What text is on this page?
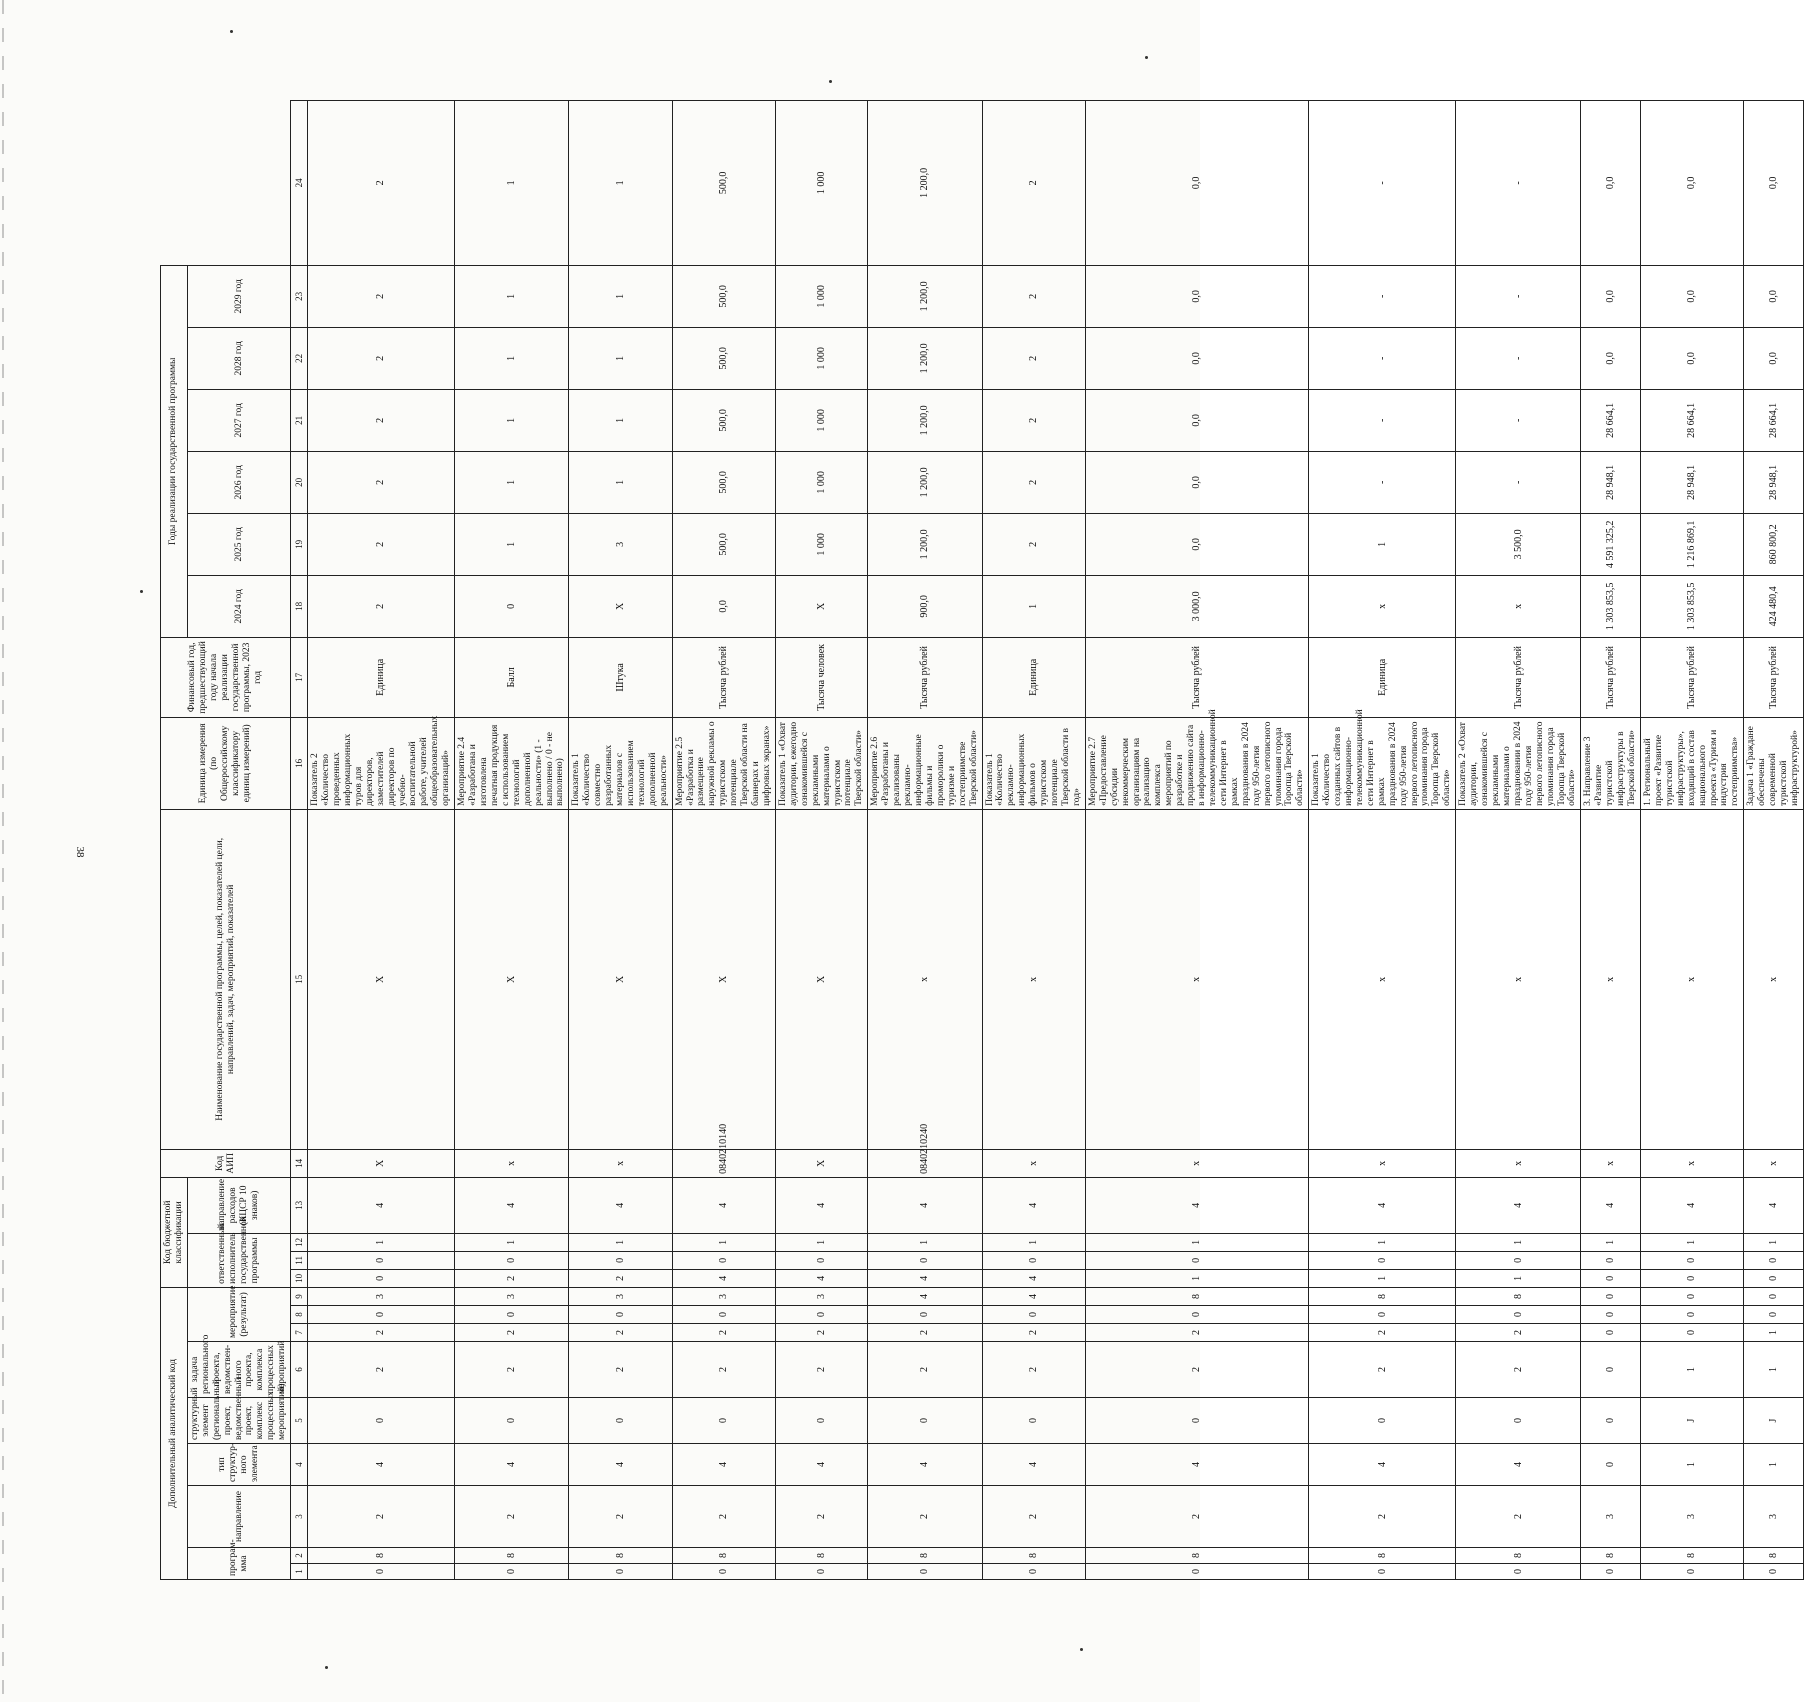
38
Дополнительный аналитический код									Код бюджетной классификации				Код АИП	Наименование государственной программы, целей, показателей цели, направлений, задач, мероприятий, показателей	Единица измерения (по Общероссийскому классификатору единиц измерений)	Финансовый год, предшествующий году начала реализации государственной программы, 2023 год	Годы реализации государственной программы						
програм-мма		направление	тип структур-ного элемента	структурный элемент (региональный проект, ведомственный проект, комплекс процессных мероприятий)	задача регионального проекта, ведомствен-ного проекта, комплекса процессных мероприятий	мероприятие (результат)			ответственный исполнитель государственной программы			направление расходов (КЦСР 10 знаков)					2024 год	2025 год	2026 год	2027 год	2028 год	2029 год	

1	2	3	4	5	6	7	8	9	10	11	12	13	14	15	16	17	18	19	20	21	22	23	24
0	8	2	4	0	2	2	0	3	0	0	1	4	X	X	Показатель 2 «Количество проведенных информационных туров для директоров, заместителей директоров по учебно-воспитательной работе, учителей общеобразовательных организаций»	Единица	2	2	2	2	2	2	2
0	8	2	4	0	2	2	0	3	2	0	1	4	x	X	Мероприятие 2.4 «Разработана и изготовлена печатная продукция с использованием технологий дополненной реальности» (1 - выполнено / 0 - не выполнено)	Балл	0	1	1	1	1	1	1
0	8	2	4	0	2	2	0	3	2	0	1	4	x	X	Показатель 1 «Количество совместно разработанных материалов с использованием технологий дополненной реальности»	Штука	X	3	1	1	1	1	1
0	8	2	4	0	2	2	0	3	4	0	1	4	0840210140	X	Мероприятие 2.5 «Разработка и размещение наружной рекламы о туристском потенциале Тверской области на баннерах и цифровых экранах»	Тысяча рублей	0,0	500,0	500,0	500,0	500,0	500,0	500,0
0	8	2	4	0	2	2	0	3	4	0	1	4	X	X	Показатель 1 «Охват аудитории, ежегодно ознакомившейся с рекламными материалами о туристском потенциале Тверской области»	Тысяча человек	X	1 000	1 000	1 000	1 000	1 000	1 000
0	8	2	4	0	2	2	0	4	4	0	1	4	0840210240	x	Мероприятие 2.6 «Разработаны и реализованы рекламно-информационные фильмы и проморолики о туризме и гостеприимстве Тверской области»	Тысяча рублей	900,0	1 200,0	1 200,0	1 200,0	1 200,0	1 200,0	1 200,0
0	8	2	4	0	2	2	0	4	4	0	1	4	x	x	Показатель 1 «Количество рекламно-информационных фильмов о туристском потенциале Тверской области в год»	Единица	1	2	2	2	2	2	2
0	8	2	4	0	2	2	0	8	1	0	1	4	x	x	Мероприятие 2.7 «Предоставление субсидии некоммерческим организациям на реализацию комплекса мероприятий по разработке и продвижению сайта в информационно-телекоммуникационной сети Интернет в рамках празднования в 2024 году 950-летия первого летописного упоминания города Торопца Тверской области»	Тысяча рублей	3 000,0	0,0	0,0	0,0	0,0	0,0	0,0
0	8	2	4	0	2	2	0	8	1	0	1	4	x	x	Показатель 1 «Количество созданных сайтов в информационно-телекоммуникационной сети Интернет в рамках празднования в 2024 году 950-летия первого летописного упоминания города Торопца Тверской области»	Единица	x	1	-	-	-	-	-
0	8	2	4	0	2	2	0	8	1	0	1	4	x	x	Показатель 2 «Охват аудитории, ознакомившейся с рекламными материалами о праздновании в 2024 году 950-летия первого летописного упоминания города Торопца Тверской области»	Тысяча рублей	x	3 500,0	-	-	-	-	-
0	8	3	0	0	0	0	0	0	0	0	1	4	x	x	3. Направление 3 «Развитие туристской инфраструктуры в Тверской области»	Тысяча рублей	1 303 853,5	4 591 325,2	28 948,1	28 664,1	0,0	0,0	0,0
0	8	3	1	J	1	0	0	0	0	0	1	4	x	x	1. Региональный проект «Развитие туристской инфраструктуры», входящий в состав национального проекта «Туризм и индустрия гостеприимства»	Тысяча рублей	1 303 853,5	1 216 869,1	28 948,1	28 664,1	0,0	0,0	0,0
0	8	3	1	J	1	1	0	0	0	0	1	4	x	x	Задача 1 «Граждане обеспечены современной туристской инфраструктурой»	Тысяча рублей	424 480,4	860 800,2	28 948,1	28 664,1	0,0	0,0	0,0
